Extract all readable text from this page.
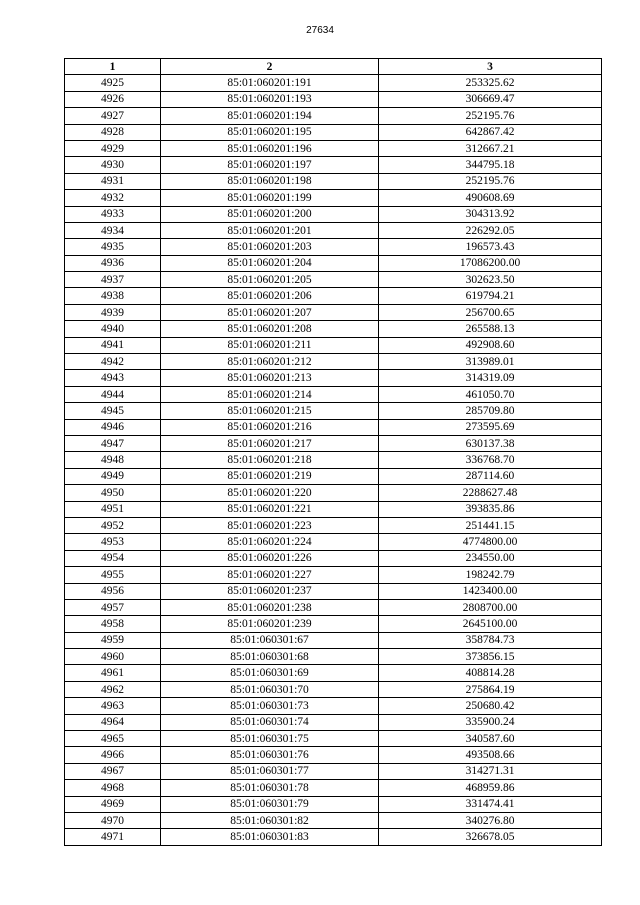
27634
1	2	3
4925	85:01:060201:191	253325.62
4926	85:01:060201:193	306669.47
4927	85:01:060201:194	252195.76
4928	85:01:060201:195	642867.42
4929	85:01:060201:196	312667.21
4930	85:01:060201:197	344795.18
4931	85:01:060201:198	252195.76
4932	85:01:060201:199	490608.69
4933	85:01:060201:200	304313.92
4934	85:01:060201:201	226292.05
4935	85:01:060201:203	196573.43
4936	85:01:060201:204	17086200.00
4937	85:01:060201:205	302623.50
4938	85:01:060201:206	619794.21
4939	85:01:060201:207	256700.65
4940	85:01:060201:208	265588.13
4941	85:01:060201:211	492908.60
4942	85:01:060201:212	313989.01
4943	85:01:060201:213	314319.09
4944	85:01:060201:214	461050.70
4945	85:01:060201:215	285709.80
4946	85:01:060201:216	273595.69
4947	85:01:060201:217	630137.38
4948	85:01:060201:218	336768.70
4949	85:01:060201:219	287114.60
4950	85:01:060201:220	2288627.48
4951	85:01:060201:221	393835.86
4952	85:01:060201:223	251441.15
4953	85:01:060201:224	4774800.00
4954	85:01:060201:226	234550.00
4955	85:01:060201:227	198242.79
4956	85:01:060201:237	1423400.00
4957	85:01:060201:238	2808700.00
4958	85:01:060201:239	2645100.00
4959	85:01:060301:67	358784.73
4960	85:01:060301:68	373856.15
4961	85:01:060301:69	408814.28
4962	85:01:060301:70	275864.19
4963	85:01:060301:73	250680.42
4964	85:01:060301:74	335900.24
4965	85:01:060301:75	340587.60
4966	85:01:060301:76	493508.66
4967	85:01:060301:77	314271.31
4968	85:01:060301:78	468959.86
4969	85:01:060301:79	331474.41
4970	85:01:060301:82	340276.80
4971	85:01:060301:83	326678.05
